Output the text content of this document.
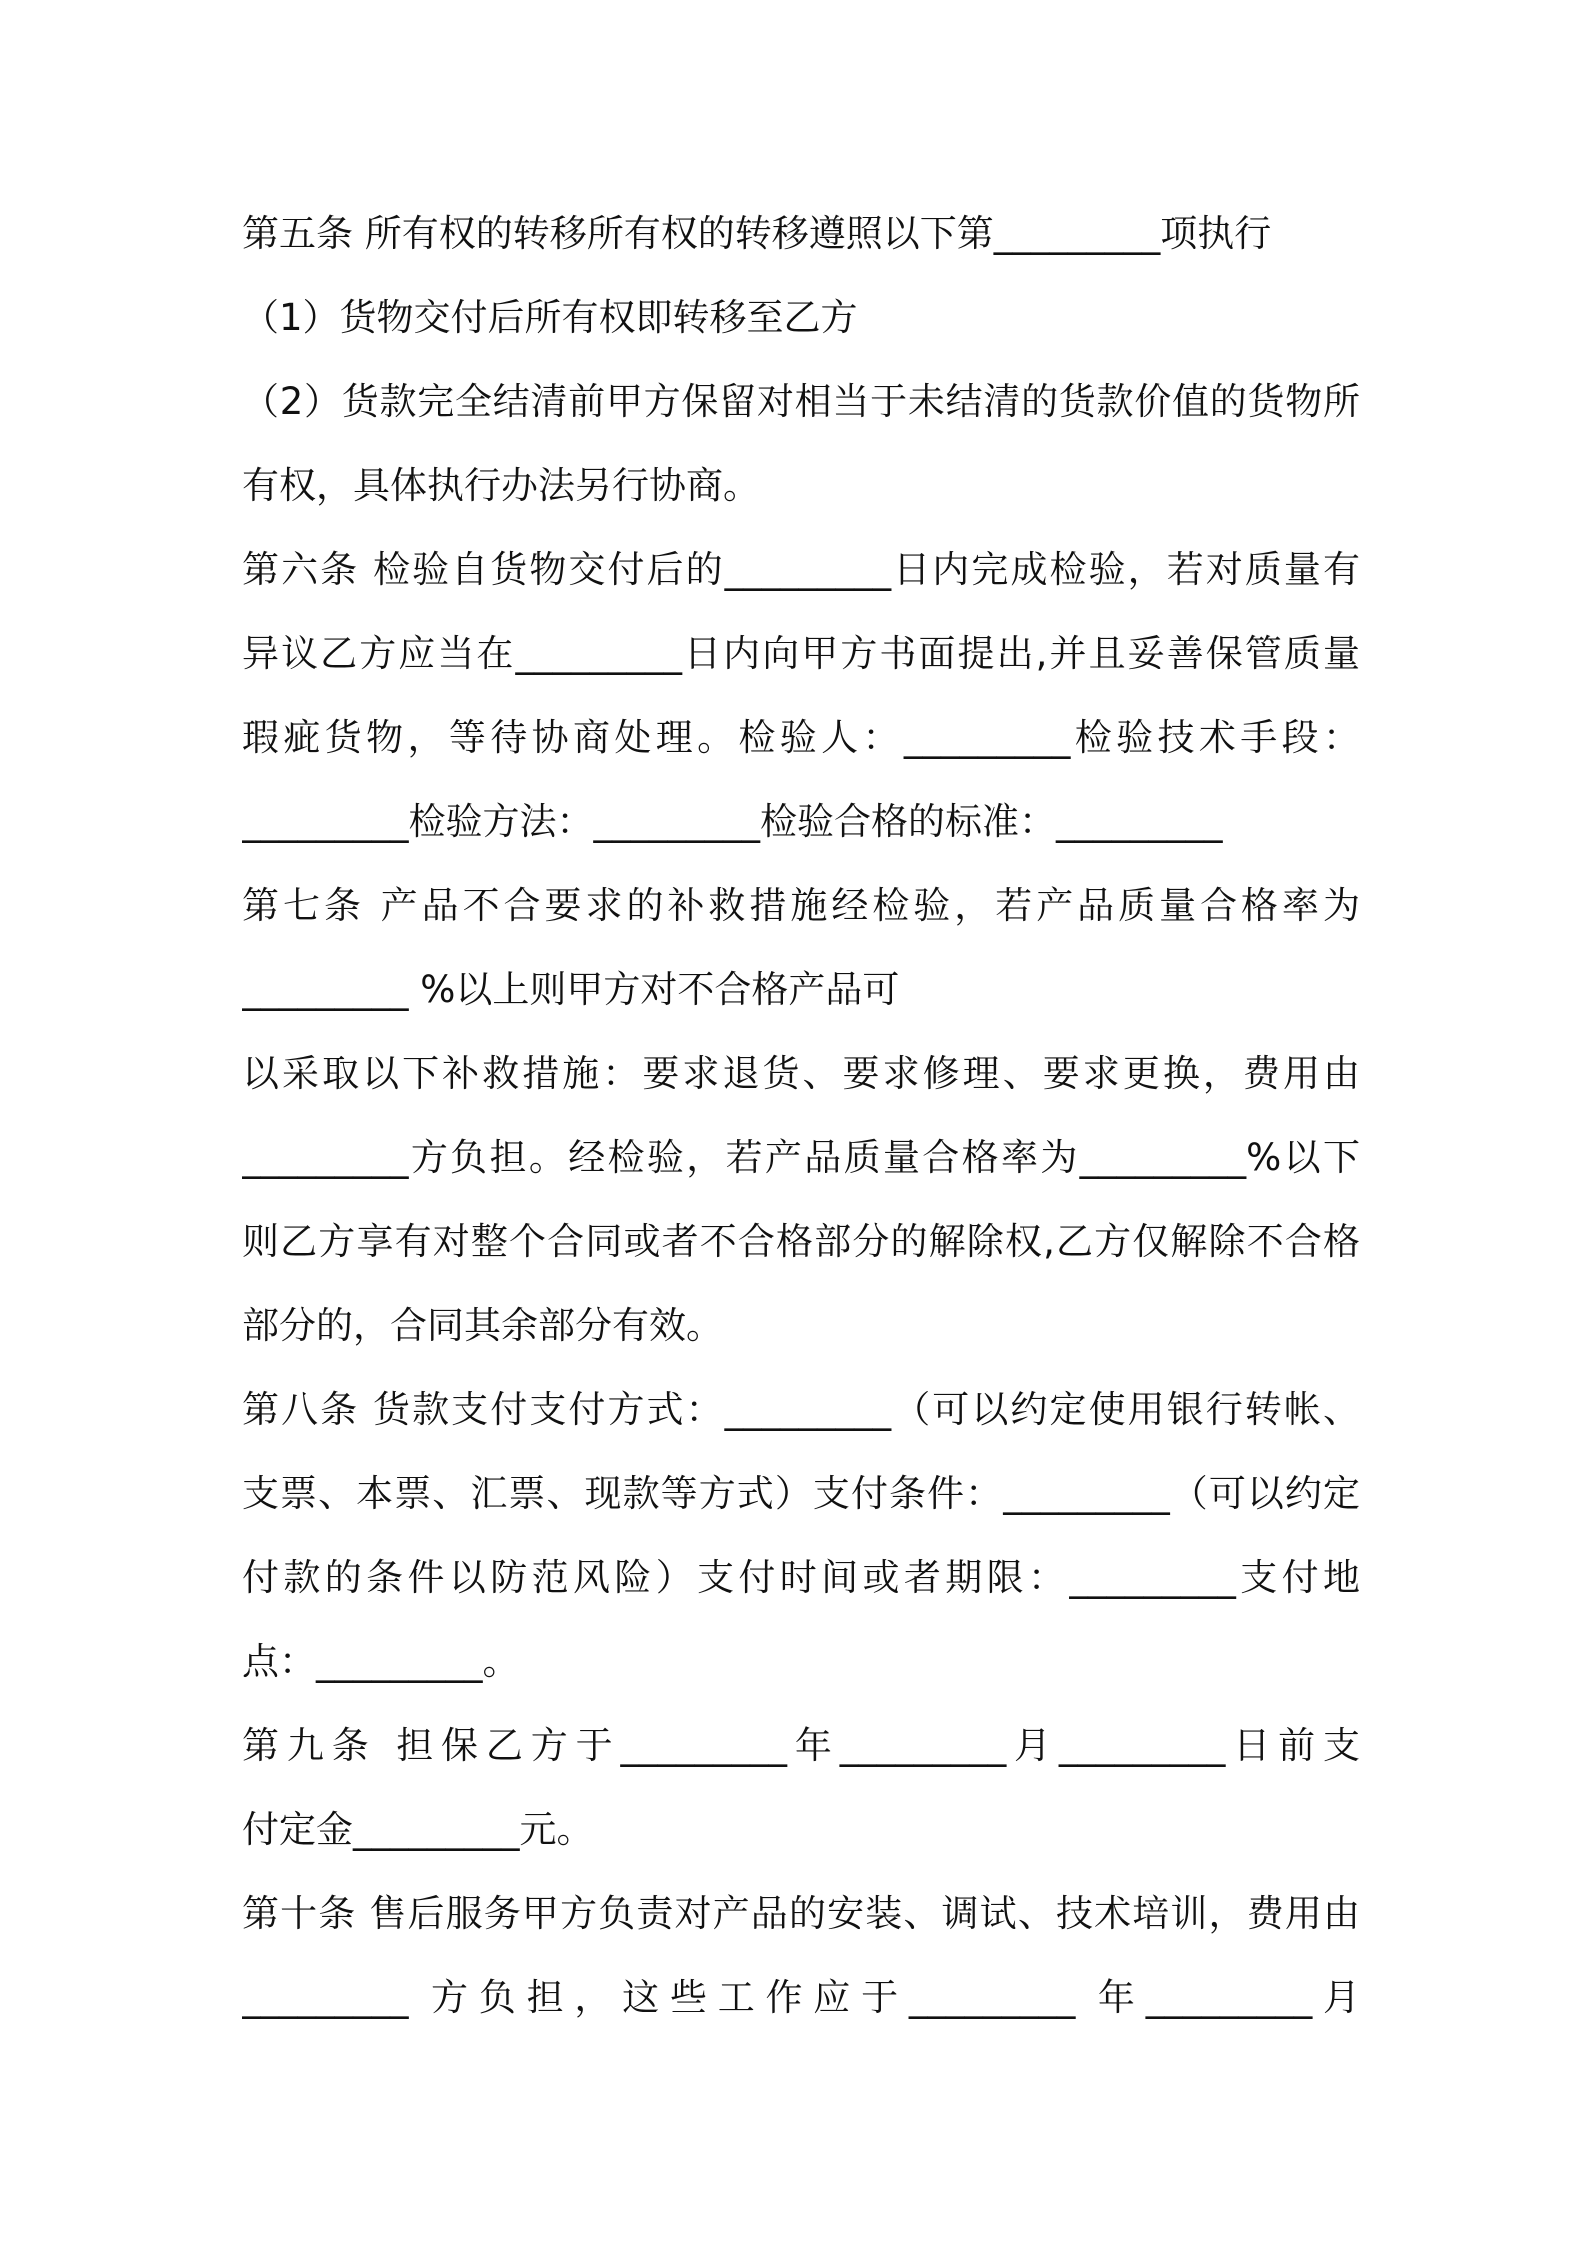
第五条 所有权的转移所有权的转移遵照以下第_________项执行
（1）货物交付后所有权即转移至乙方
（2）货款完全结清前甲方保留对相当于未结清的货款价值的货物所
有权，具体执行办法另行协商。
第六条 检验自货物交付后的_________日内完成检验，若对质量有
异议乙方应当在_________日内向甲方书面提出,并且妥善保管质量
瑕疵货物，等待协商处理。检验人：_________检验技术手段：
_________检验方法：_________检验合格的标准：_________
第七条 产品不合要求的补救措施经检验，若产品质量合格率为
_________ %以上则甲方对不合格产品可
以采取以下补救措施：要求退货、要求修理、要求更换，费用由
_________方负担。经检验，若产品质量合格率为_________%以下
则乙方享有对整个合同或者不合格部分的解除权,乙方仅解除不合格
部分的，合同其余部分有效。
第八条 货款支付支付方式：_________（可以约定使用银行转帐、
支票、本票、汇票、现款等方式）支付条件：_________（可以约定
付款的条件以防范风险）支付时间或者期限：_________支付地
点：_________。
第九条 担保乙方于_________年_________月_________日前支
付定金_________元。
第十条 售后服务甲方负责对产品的安装、调试、技术培训，费用由
_________ 方负担，这些工作应于_________ 年_________月
